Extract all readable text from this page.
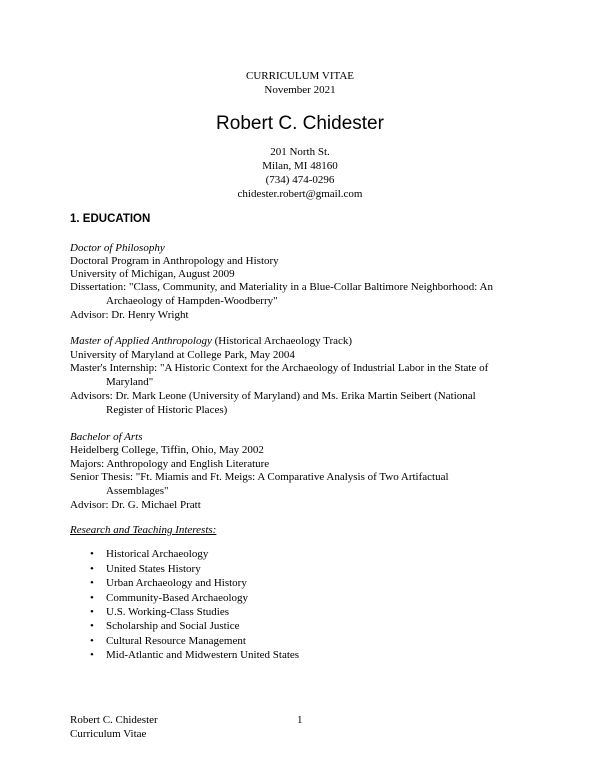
CURRICULUM VITAE
November 2021
Robert C. Chidester
201 North St.
Milan, MI 48160
(734) 474-0296
chidester.robert@gmail.com
1. EDUCATION
Doctor of Philosophy
Doctoral Program in Anthropology and History
University of Michigan, August 2009
Dissertation: "Class, Community, and Materiality in a Blue-Collar Baltimore Neighborhood: An
Archaeology of Hampden-Woodberry"
Advisor: Dr. Henry Wright
Master of Applied Anthropology (Historical Archaeology Track)
University of Maryland at College Park, May 2004
Master's Internship: "A Historic Context for the Archaeology of Industrial Labor in the State of
Maryland"
Advisors: Dr. Mark Leone (University of Maryland) and Ms. Erika Martin Seibert (National
Register of Historic Places)
Bachelor of Arts
Heidelberg College, Tiffin, Ohio, May 2002
Majors: Anthropology and English Literature
Senior Thesis: "Ft. Miamis and Ft. Meigs: A Comparative Analysis of Two Artifactual
Assemblages"
Advisor: Dr. G. Michael Pratt
Research and Teaching Interests:
• Historical Archaeology
• United States History
• Urban Archaeology and History
• Community-Based Archaeology
• U.S. Working-Class Studies
• Scholarship and Social Justice
• Cultural Resource Management
• Mid-Atlantic and Midwestern United States
Robert C. Chidester
Curriculum Vitae
1
